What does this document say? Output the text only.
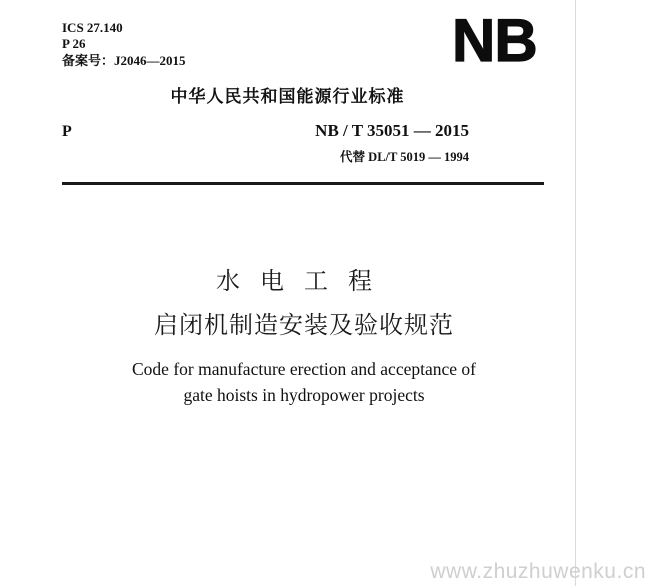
ICS 27.140
P 26
备案号：J2046—2015	NB
中华人民共和国能源行业标准
P	NB / T 35051 — 2015
代替 DL/T 5019 — 1994
水电工程
启闭机制造安装及验收规范
Code for manufacture erection and acceptance of
gate hoists in hydropower projects
www.zhuzhuwenku.cn
